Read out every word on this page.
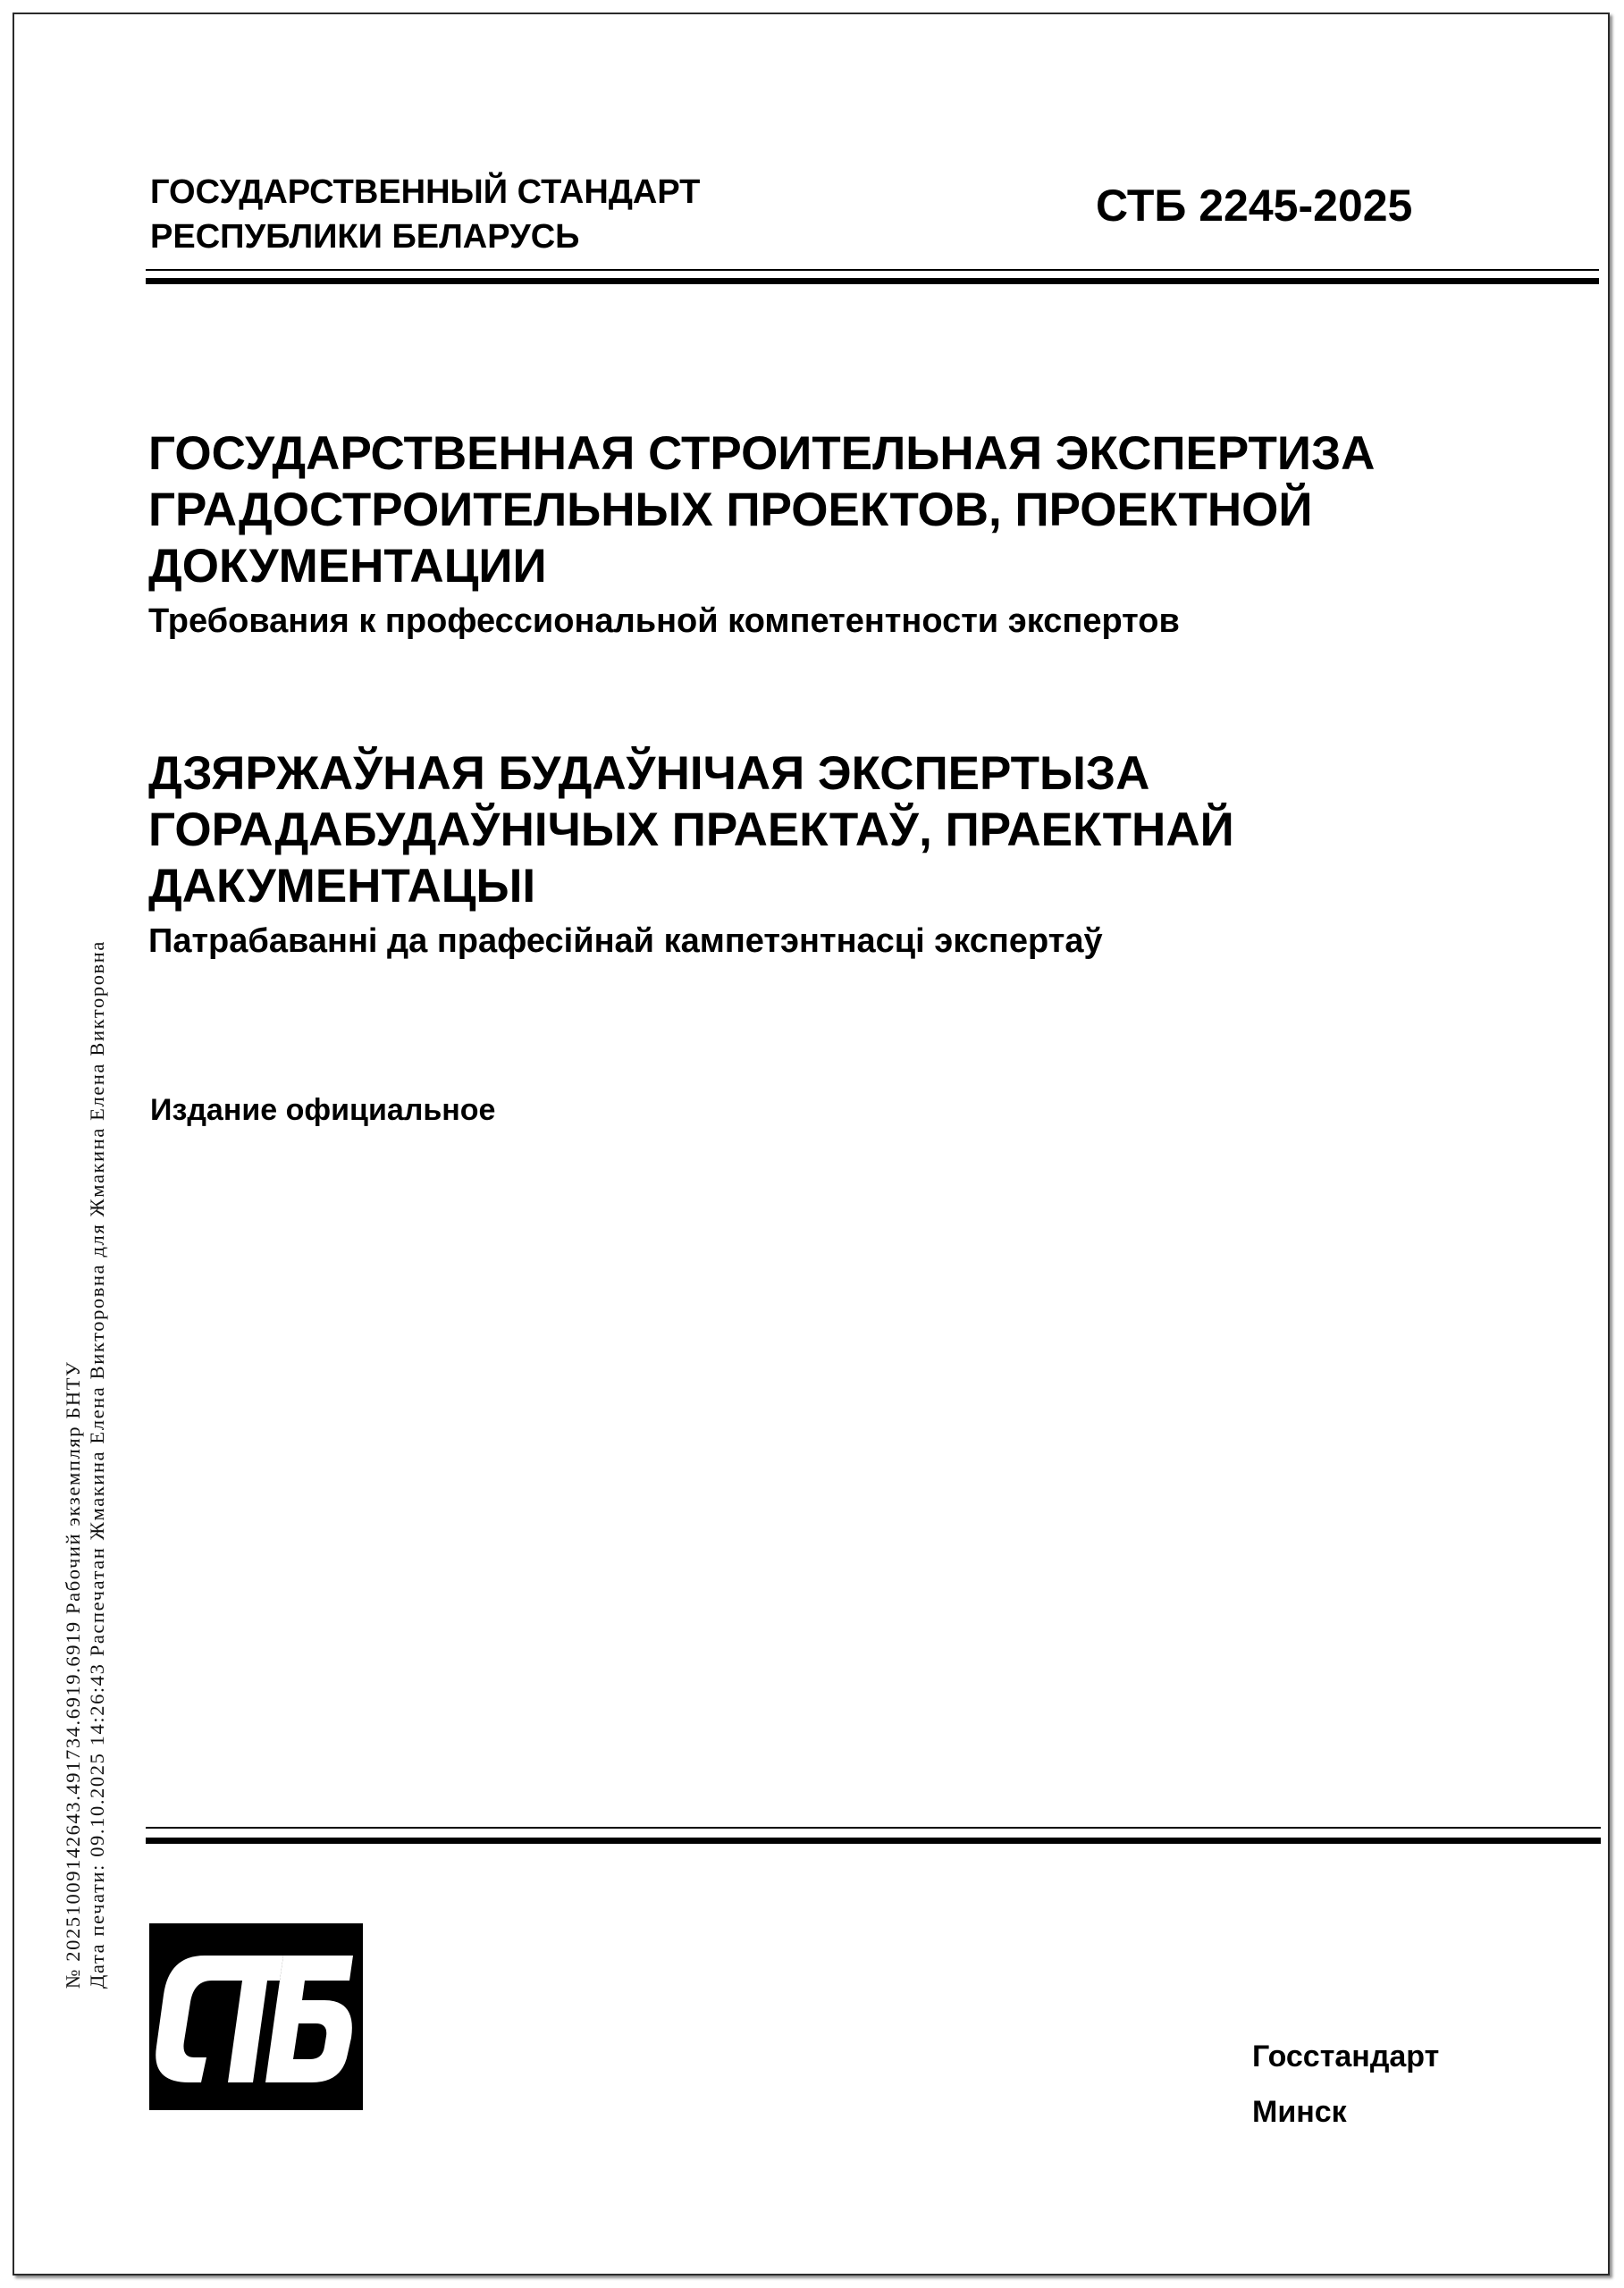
ГОСУДАРСТВЕННЫЙ СТАНДАРТ
РЕСПУБЛИКИ БЕЛАРУСЬ
СТБ 2245-2025
ГОСУДАРСТВЕННАЯ СТРОИТЕЛЬНАЯ ЭКСПЕРТИЗА
ГРАДОСТРОИТЕЛЬНЫХ ПРОЕКТОВ, ПРОЕКТНОЙ
ДОКУМЕНТАЦИИ
Требования к профессиональной компетентности экспертов
ДЗЯРЖАЎНАЯ БУДАЎНІЧАЯ ЭКСПЕРТЫЗА
ГОРАДАБУДАЎНІЧЫХ ПРАЕКТАЎ, ПРАЕКТНАЙ
ДАКУМЕНТАЦЫІ
Патрабаванні да прафесійнай кампетэнтнасці экспертаў
Издание официальное
Госстандарт
Минск
№ 20251009142643.491734.6919.6919 Рабочий экземпляр БНТУ Дата печати: 09.10.2025 14:26:43 Распечатан Жмакина Елена Викторовна для Жмакина Елена Викторовна
